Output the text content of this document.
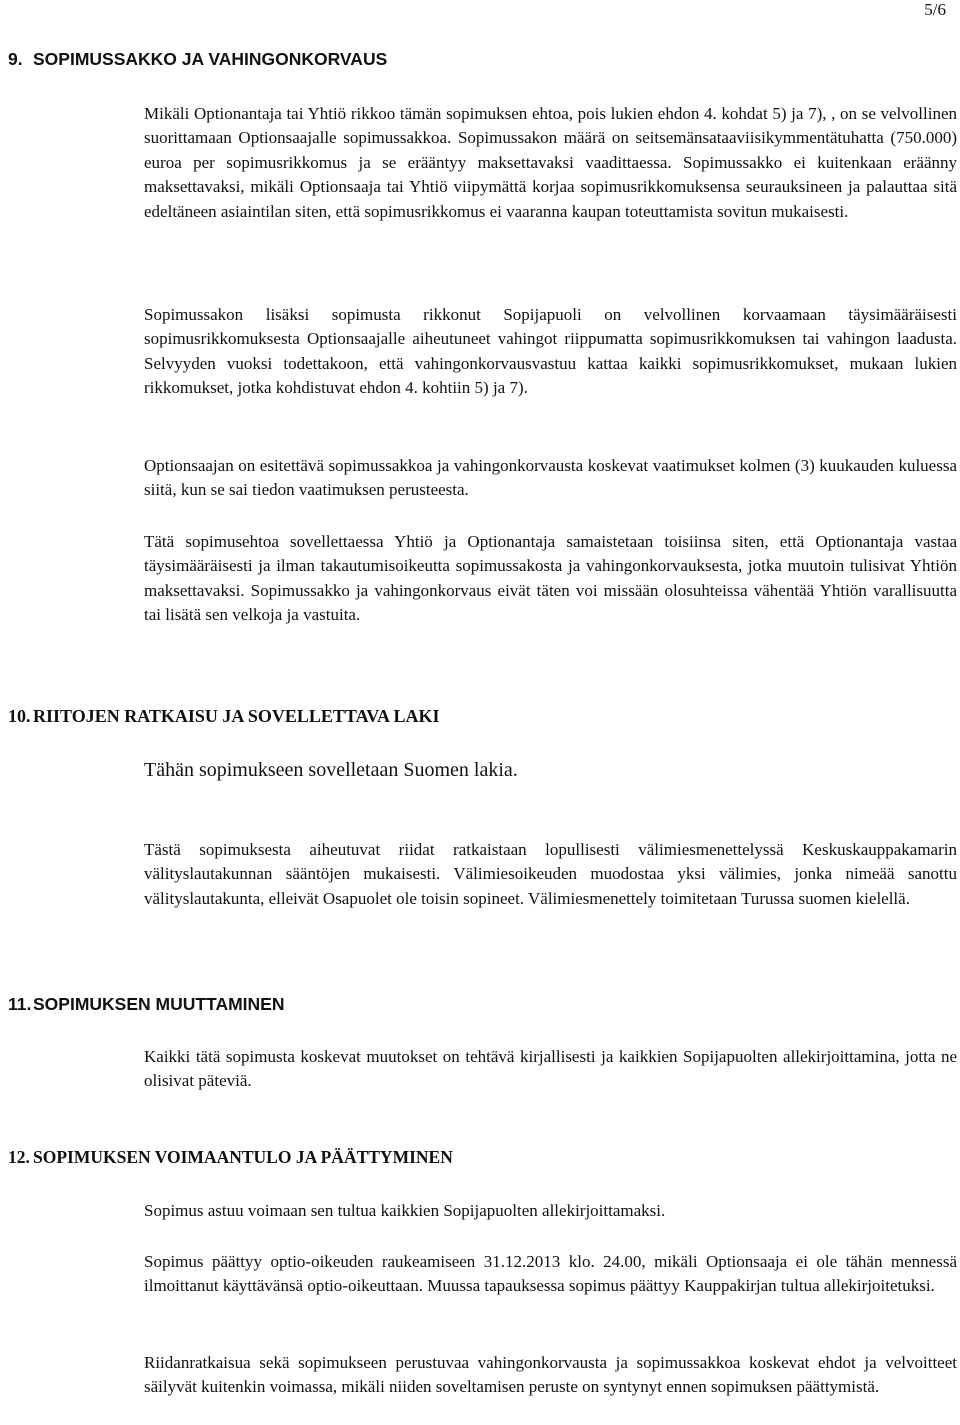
5/6
9. SOPIMUSSAKKO JA VAHINGONKORVAUS

Mikäli Optionantaja tai Yhtiö rikkoo tämän sopimuksen ehtoa, pois lukien ehdon 4. kohdat 5) ja 7), , on se velvollinen suorittamaan Optionsaajalle sopimussakkoa. Sopimussakon määrä on seitsemänsataaviisikymmentätuhatta (750.000) euroa per sopimusrikkomus ja se erääntyy maksettavaksi vaadittaessa. Sopimussakko ei kuitenkaan eräänny maksettavaksi, mikäli Optionsaaja tai Yhtiö viipymättä korjaa sopimusrikkomuksensa seurauksineen ja palauttaa sitä edeltäneen asiaintilan siten, että sopimusrikkomus ei vaaranna kaupan toteuttamista sovitun mukaisesti.

Sopimussakon lisäksi sopimusta rikkonut Sopijapuoli on velvollinen korvaamaan täysimääräisesti sopimusrikkomuksesta Optionsaajalle aiheutuneet vahingot riippumatta sopimusrikkomuksen tai vahingon laadusta. Selvyyden vuoksi todettakoon, että vahingonkorvausvastuu kattaa kaikki sopimusrikkomukset, mukaan lukien rikkomukset, jotka kohdistuvat ehdon 4. kohtiin 5) ja 7).

Optionsaajan on esitettävä sopimussakkoa ja vahingonkorvausta koskevat vaatimukset kolmen (3) kuukauden kuluessa siitä, kun se sai tiedon vaatimuksen perusteesta.

Tätä sopimusehtoa sovellettaessa Yhtiö ja Optionantaja samaistetaan toisiinsa siten, että Optionantaja vastaa täysimääräisesti ja ilman takautumisoikeutta sopimussakosta ja vahingonkorvauksesta, jotka muutoin tulisivat Yhtiön maksettavaksi. Sopimussakko ja vahingonkorvaus eivät täten voi missään olosuhteissa vähentää Yhtiön varallisuutta tai lisätä sen velkoja ja vastuita.

10. RIITOJEN RATKAISU JA SOVELLETTAVA LAKI

Tähän sopimukseen sovelletaan Suomen lakia.

Tästä sopimuksesta aiheutuvat riidat ratkaistaan lopullisesti välimiesmenettelyssä Keskuskauppakamarin välityslautakunnan sääntöjen mukaisesti. Välimiesoikeuden muodostaa yksi välimies, jonka nimeää sanottu välityslautakunta, elleivät Osapuolet ole toisin sopineet. Välimiesmenettely toimitetaan Turussa suomen kielellä.

11. SOPIMUKSEN MUUTTAMINEN

Kaikki tätä sopimusta koskevat muutokset on tehtävä kirjallisesti ja kaikkien Sopijapuolten allekirjoittamina, jotta ne olisivat päteviä.

12. SOPIMUKSEN VOIMAANTULO JA PÄÄTTYMINEN

Sopimus astuu voimaan sen tultua kaikkien Sopijapuolten allekirjoittamaksi.

Sopimus päättyy optio-oikeuden raukeamiseen 31.12.2013 klo. 24.00, mikäli Optionsaaja ei ole tähän mennessä ilmoittanut käyttävänsä optio-oikeuttaan. Muussa tapauksessa sopimus päättyy Kauppakirjan tultua allekirjoitetuksi.

Riidanratkaisua sekä sopimukseen perustuvaa vahingonkorvausta ja sopimussakkoa koskevat ehdot ja velvoitteet säilyvät kuitenkin voimassa, mikäli niiden soveltamisen peruste on syntynyt ennen sopimuksen päättymistä.
